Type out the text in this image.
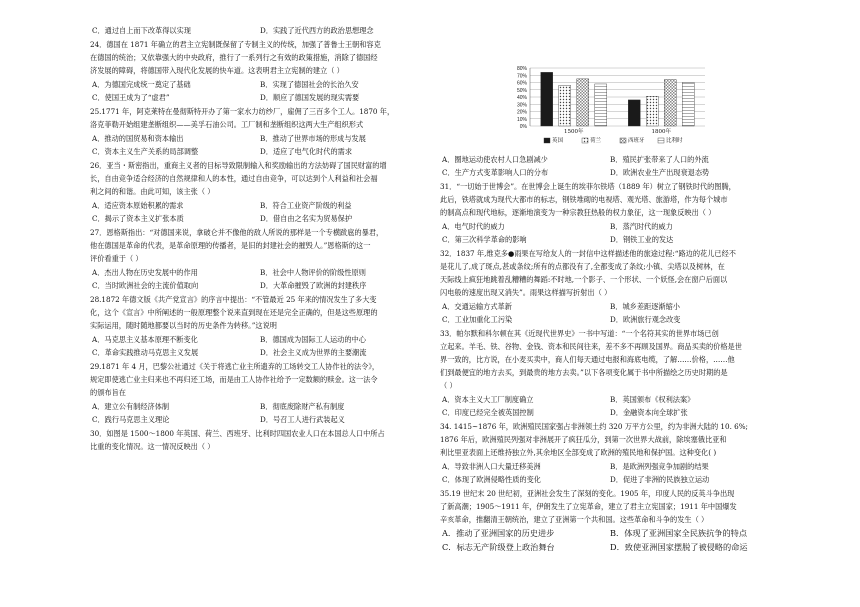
C．通过自上而下改革得以实现	D．实践了近代西方的政治思想理念
24．德国在 1871 年确立的君主立宪制既保留了专制主义的传统，加强了普鲁士王朝和容克
在德国的统治；又依靠强大的中央政府，推行了一系列行之有效的政策措施，消除了德国经
济发展的障碍，将德国带入现代化发展的快车道。这表明君主立宪制的建立（ ）
A．为德国完成统一奠定了基础	B．实现了德国社会的长治久安
C．使国王成为了“虚君”	D．顺应了德国发展的现实需要
25.1771 年，阿克莱特在曼彻斯特开办了第一家水力纺纱厂，雇佣了三百多个工人。1870 年，
洛克菲勒开始组建垄断组织——美孚石油公司。工厂制和垄断组织这两大生产组织形式
A．推动的国贸易和资本输出	B．推动了世界市场的形成与发展
C．资本主义生产关系的局部调整	D．适应了电气化时代的需求
26．亚当・斯密指出，重商主义者的目标导致限制输入和奖励输出的方法妨碍了国民财富的增
长，自由竞争适合经济的自然规律和人的本性，通过自由竞争，可以达到个人利益和社会福
利之间的和谐。由此可知，该主张（ ）
A．适应资本原始积累的需求	B．符合工业资产阶级的利益
C．揭示了资本主义扩张本质	D．借自由之名实为贸易保护
27．恩格斯指出：“对德国来说，拿破仑并不像他的敌人所说的那样是一个专横跋扈的暴君，
他在德国是革命的代表，是革命原理的传播者，是旧的封建社会的摧毁人。”恩格斯的这一
评价看重于（ ）
A．杰出人物在历史发展中的作用	B．社会中人物评价的阶级性原则
C．当时欧洲社会的主流价值取向	D．大革命摧毁了欧洲的封建秩序
28.1872 年德文版《共产党宣言》的序言中提出：“不管最近 25 年来的情况发生了多大变
化，这个《宣言》中所阐述的一般原理整个说来直到现在还是完全正确的，但是这些原理的
实际运用，随时随地都要以当时的历史条件为转移。”这说明
A．马克思主义基本原理不断变化	B．德国成为国际工人运动的中心
C．革命实践推动马克思主义发展	D．社会主义成为世界的主要潮流
29.1871 年 4 月，巴黎公社通过《关于将逃亡业主所遗弃的工场转交工人协作社的法令》，
规定即使逃亡业主归来也不再归还工场，而是由工人协作社给予一定数额的赎金。这一法令
的颁布旨在
A．建立公有制经济体制	B．彻底废除财产私有制度
C．践行马克思主义理论	D．号召工人进行武装起义
30．如图是 1500～1800 年英国、荷兰、西班牙、比利时四国农业人口在本国总人口中所占
比重的变化情况。这一情况反映出（ ）
0%
10%
20%
30%
40%
50%
60%
70%
80%
1500年	1800年
英国	荷兰	西班牙	比利时
A．圈地运动使农村人口急剧减少	B．殖民扩张带来了人口的外流
C．生产方式变革影响人口的分布	D．欧洲农业生产出现衰退态势
31．“一切始于世博会”。在世博会上诞生的埃菲尔铁塔（1889 年）树立了钢铁时代的图腾，
此后，铁塔就成为现代大都市的标志，钢铁堆砌的电视塔、观光塔、旅游塔，作为每个城市
的制高点和现代地标，逐渐地演变为一种宗教狂热般的权力象征，这一现象反映出（ ）
A．电气时代的威力	B．蒸汽时代的威力
C．第三次科学革命的影响	D．钢铁工业的发达
32．1837 年,维克多●雨果在写给友人的一封信中这样描述他的旅途过程:“路边的花儿已经不
是花儿了,成了斑点,甚或条纹;所有的点都没有了,全都变成了条纹;小镇、尖塔以及树林，在
天际线上疯狂地跳着乱糟糟的舞蹈:不时地,一个影子、一个形状、一个妖怪,会在窗户后面以
闪电般的速度出现又消失”。雨果这样描写折射出（ ）
A．交通运输方式革新	B．城乡差距逐渐缩小
C．工业加重化工污染	D．欧洲旅行观念改变
33．帕尔默和科尔顿在其《近现代世界史》一书中写道：“一个名符其实的世界市场已创
立起来。羊毛、铁、谷物、金钱、资本和民间往来，差不多不再顾及国界。商品买卖的价格是世
界一致的，比方说，在小麦买卖中，商人们每天通过电报和海底电缆，了解……价格，……他
们到最便宜的地方去买，到最贵的地方去卖。”以下各项变化属于书中所描绘之历史时期的是
（ ）
A．资本主义大工厂制度确立	B．英国颁布《权利法案》
C．印度已经完全被英国控制	D．金融资本向全球扩张
34. 1415~1876 年，欧洲殖民国家强占非洲领土约 320 万平方公里，约为非洲大陆的 10. 6%;
1876 年后，欧洲殖民列强对非洲展开了疯狂瓜分，到第一次世界大战前，除埃塞俄比亚和
利比里亚表面上还维持独立外,其余地区全部变成了欧洲的殖民地和保护国。这种变化( )
A．导致非洲人口大量迁移美洲	B．是欧洲列强竞争加剧的结果
C．体现了欧洲侵略性质的变化	D．促进了非洲的民族独立运动
35.19 世纪末 20 世纪初，亚洲社会发生了深刻的变化。1905 年，印度人民的反英斗争出现
了新高潮；1905～1911 年，伊朗发生了立宪革命，建立了君主立宪国家；1911 年中国爆发
辛亥革命，推翻清王朝统治，建立了亚洲第一个共和国。这些革命和斗争的发生（ ）
A．推动了亚洲国家的历史进步	B．体现了亚洲国家全民族抗争的特点
C．标志无产阶级登上政治舞台	D．致使亚洲国家摆脱了被侵略的命运
